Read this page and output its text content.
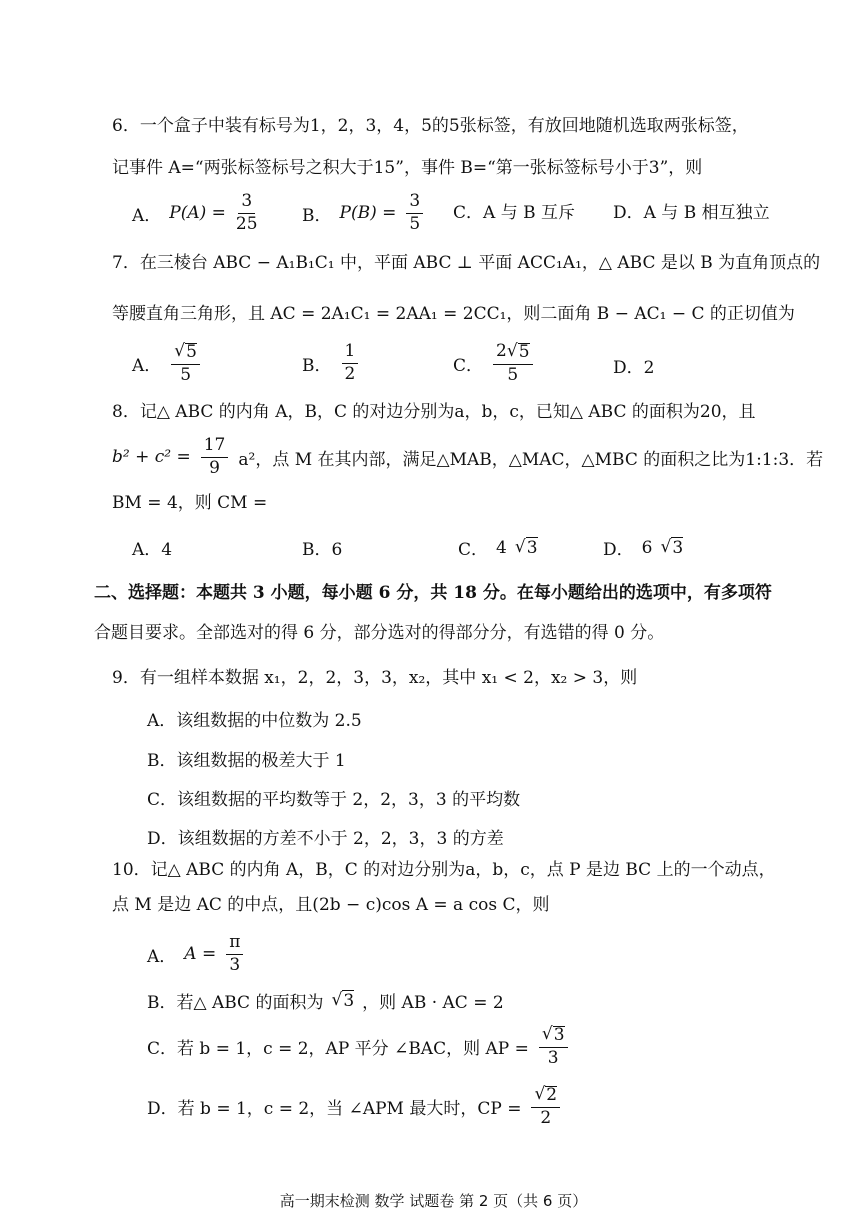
6．一个盒子中装有标号为1，2，3，4，5的5张标签，有放回地随机选取两张标签，
记事件 A=“两张标签标号之积大于15”，事件 B=“第一张标签标号小于3”，则
A． $P(A) = \frac{3}{25}$	B． $P(B) = \frac{3}{5}$ C．A 与 B 互斥 D．A 与 B 相互独立
7．在三棱台 ABC − A₁B₁C₁ 中，平面 ABC ⊥ 平面 ACC₁A₁，△ ABC 是以 B 为直角顶点的
等腰直角三角形，且 AC = 2A₁C₁ = 2AA₁ = 2CC₁，则二面角 B − AC₁ − C 的正切值为
A． $\frac{√ 5}{5}$	B． $\frac{1}{2}$	C． $\frac{2 √ 5}{5}$	D．2
8．记△ ABC 的内角 A，B，C 的对边分别为a，b，c，已知△ ABC 的面积为20，且
$b^2 + c^2 = \frac{17}{9} a^2$，点 M 在其内部，满足△MAB，△MAC，△MBC 的面积之比为1:1:3．若
BM = 4，则 CM =
A．4	B．6	C． 4 √ 3	D． 6 √ 3
二、选择题：本题共 3 小题，每小题 6 分，共 18 分。在每小题给出的选项中，有多项符
合题目要求。全部选对的得 6 分，部分选对的得部分分，有选错的得 0 分。
9．有一组样本数据 x₁，2，2，3，3，x₂，其中 x₁ < 2，x₂ > 3，则
A．该组数据的中位数为 2.5
B．该组数据的极差大于 1
C．该组数据的平均数等于 2，2，3，3 的平均数
D．该组数据的方差不小于 2，2，3，3 的方差
10．记△ ABC 的内角 A，B，C 的对边分别为a，b，c，点 P 是边 BC 上的一个动点，
点 M 是边 AC 的中点，且(2b − c)cos A = a cos C，则
A． $A = \frac{\pi}{3}$
B．若△ ABC 的面积为 √ 3 ，则 AB · AC = 2
C．若 b = 1，c = 2，AP 平分 ∠BAC，则 AP = $\frac{√ 3}{3}$
D．若 b = 1，c = 2，当 ∠APM 最大时，CP = $\frac{√ 2}{2}$
高一期末检测 数学 试题卷 第 2 页（共 6 页）
